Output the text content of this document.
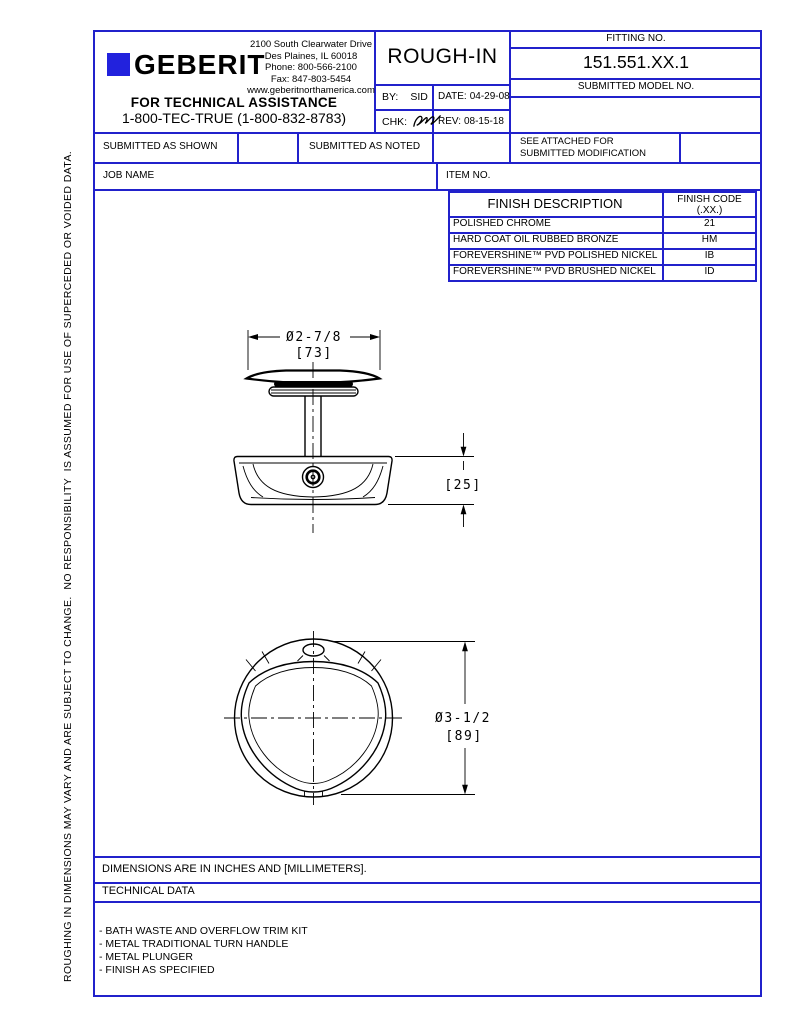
ROUGHING IN DIMENSIONS MAY VARY AND ARE SUBJECT TO CHANGE.  NO RESPONSIBILITY  IS ASSUMED FOR USE OF SUPERCEDED OR VOIDED DATA.
GEBERIT
2100 South Clearwater Drive
Des Plaines, IL 60018
Phone: 800-566-2100
Fax: 847-803-5454
www.geberitnorthamerica.com
FOR TECHNICAL ASSISTANCE
1-800-TEC-TRUE (1-800-832-8783)
ROUGH-IN
BY: SID DATE: 04-29-08
CHK:	REV: 08-15-18
FITTING NO.
151.551.XX.1
SUBMITTED MODEL NO.
SUBMITTED AS SHOWN	SUBMITTED AS NOTED	SEE ATTACHED FOR
SUBMITTED MODIFICATION
JOB NAME	ITEM NO.
FINISH DESCRIPTION	FINISH CODE
(.XX.)
POLISHED CHROME	21
HARD COAT OIL RUBBED BRONZE	HM
FOREVERSHINE™ PVD POLISHED NICKEL	IB
FOREVERSHINE™ PVD BRUSHED NICKEL	ID
Ø2-7/8
[73]
[25]
Ø3-1/2
[89]
DIMENSIONS ARE IN INCHES AND [MILLIMETERS].
TECHNICAL DATA
- BATH WASTE AND OVERFLOW TRIM KIT
- METAL TRADITIONAL TURN HANDLE
- METAL PLUNGER
- FINISH AS SPECIFIED
